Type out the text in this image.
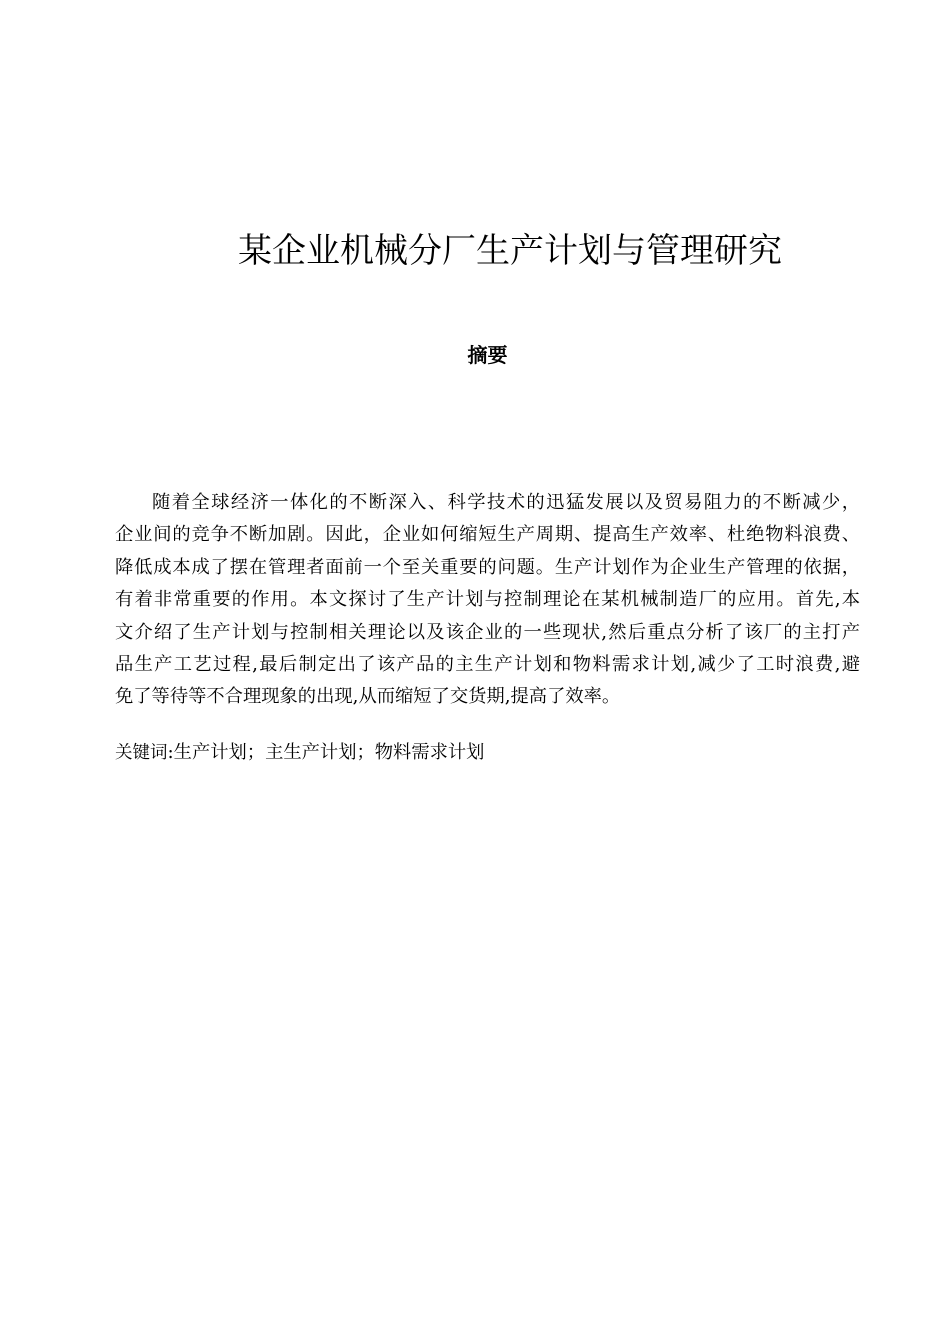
某企业机械分厂生产计划与管理研究
摘要
随着全球经济一体化的不断深入、科学技术的迅猛发展以及贸易阻力的不断减少，
企业间的竞争不断加剧。因此，企业如何缩短生产周期、提高生产效率、杜绝物料浪费、
降低成本成了摆在管理者面前一个至关重要的问题。生产计划作为企业生产管理的依据，
有着非常重要的作用。本文探讨了生产计划与控制理论在某机械制造厂的应用。首先,本
文介绍了生产计划与控制相关理论以及该企业的一些现状,然后重点分析了该厂的主打产
品生产工艺过程,最后制定出了该产品的主生产计划和物料需求计划,减少了工时浪费,避
免了等待等不合理现象的出现,从而缩短了交货期,提高了效率。

关键词:生产计划；主生产计划；物料需求计划
